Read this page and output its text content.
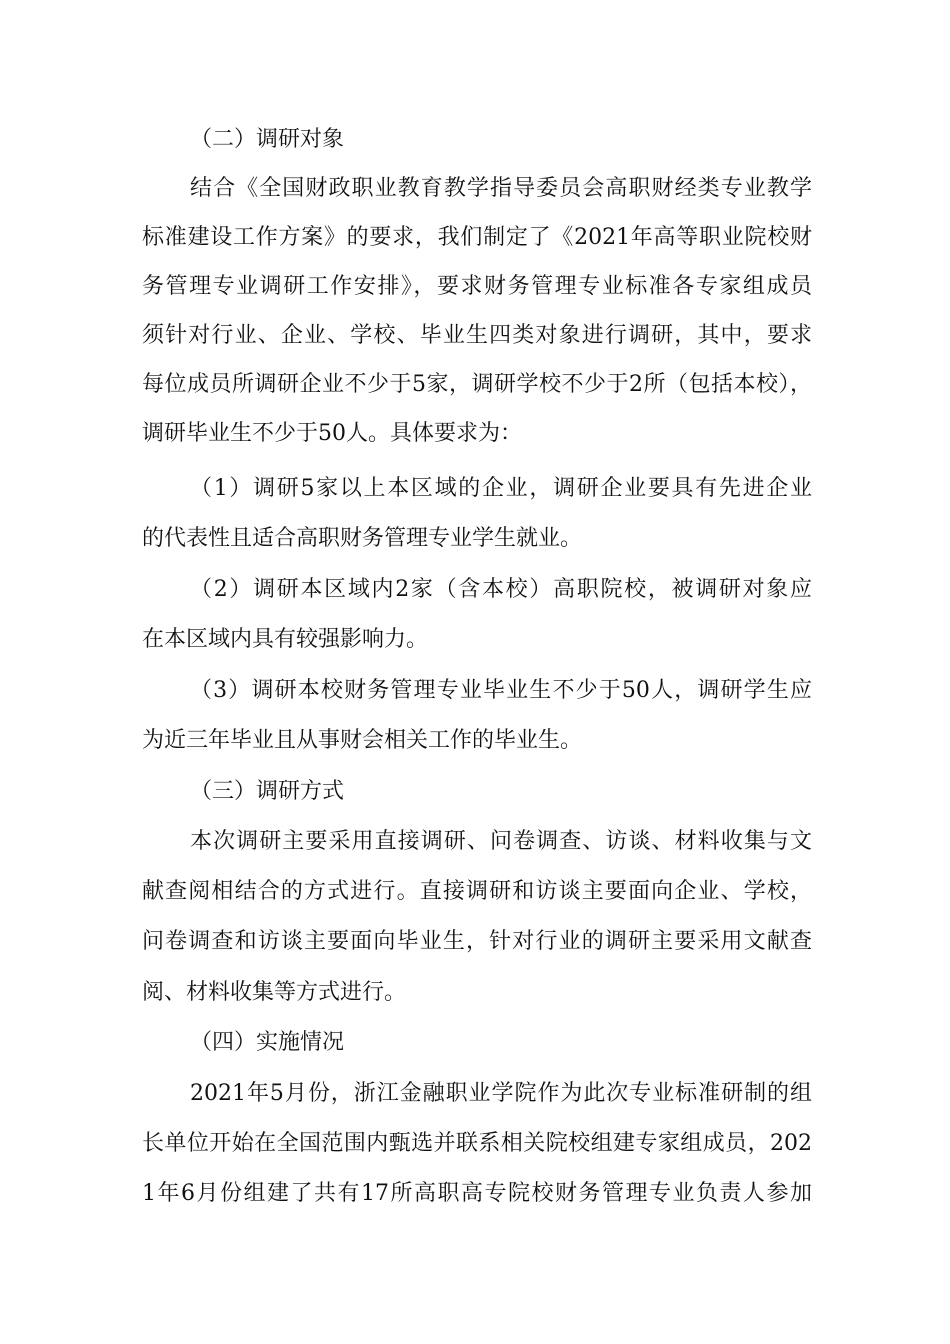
（二）调研对象
结合《全国财政职业教育教学指导委员会高职财经类专业教学
标准建设工作方案》的要求，我们制定了《2021年高等职业院校财
务管理专业调研工作安排》，要求财务管理专业标准各专家组成员
须针对行业、企业、学校、毕业生四类对象进行调研，其中，要求
每位成员所调研企业不少于5家，调研学校不少于2所（包括本校），
调研毕业生不少于50人。具体要求为：
（1）调研5家以上本区域的企业，调研企业要具有先进企业
的代表性且适合高职财务管理专业学生就业。
（2）调研本区域内2家（含本校）高职院校，被调研对象应
在本区域内具有较强影响力。
（3）调研本校财务管理专业毕业生不少于50人，调研学生应
为近三年毕业且从事财会相关工作的毕业生。
（三）调研方式
本次调研主要采用直接调研、问卷调查、访谈、材料收集与文
献查阅相结合的方式进行。直接调研和访谈主要面向企业、学校，
问卷调查和访谈主要面向毕业生，针对行业的调研主要采用文献查
阅、材料收集等方式进行。
（四）实施情况
2021年5月份，浙江金融职业学院作为此次专业标准研制的组
长单位开始在全国范围内甄选并联系相关院校组建专家组成员，202
1年6月份组建了共有17所高职高专院校财务管理专业负责人参加
